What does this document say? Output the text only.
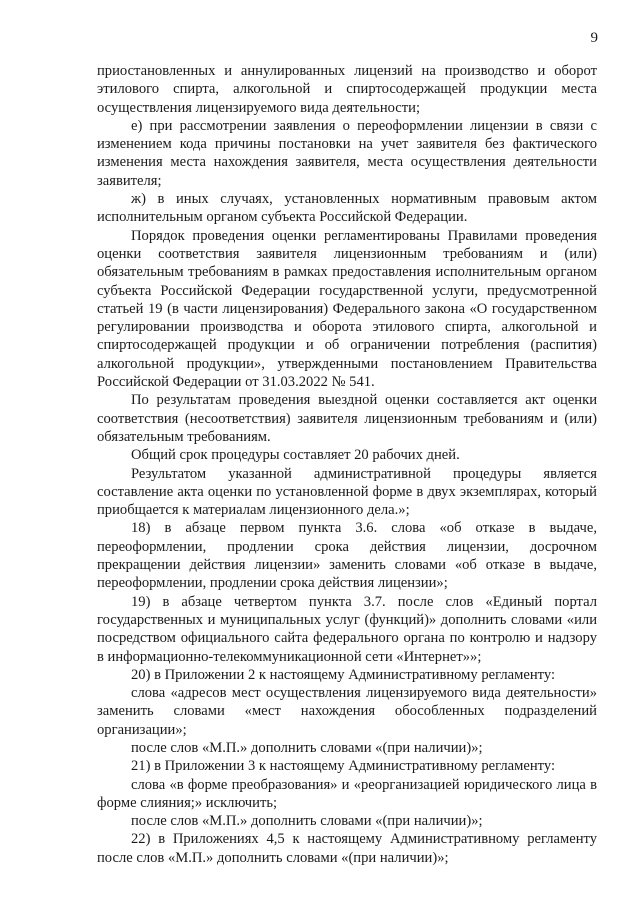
9

приостановленных и аннулированных лицензий на производство и оборот этилового спирта, алкогольной и спиртосодержащей продукции места осуществления лицензируемого вида деятельности;

е) при рассмотрении заявления о переоформлении лицензии в связи с изменением кода причины постановки на учет заявителя без фактического изменения места нахождения заявителя, места осуществления деятельности заявителя;

ж) в иных случаях, установленных нормативным правовым актом исполнительным органом субъекта Российской Федерации.

Порядок проведения оценки регламентированы Правилами проведения оценки соответствия заявителя лицензионным требованиям и (или) обязательным требованиям в рамках предоставления исполнительным органом субъекта Российской Федерации государственной услуги, предусмотренной статьей 19 (в части лицензирования) Федерального закона «О государственном регулировании производства и оборота этилового спирта, алкогольной и спиртосодержащей продукции и об ограничении потребления (распития) алкогольной продукции», утвержденными постановлением Правительства Российской Федерации от 31.03.2022 № 541.

По результатам проведения выездной оценки составляется акт оценки соответствия (несоответствия) заявителя лицензионным требованиям и (или) обязательным требованиям.

Общий срок процедуры составляет 20 рабочих дней.

Результатом указанной административной процедуры является составление акта оценки по установленной форме в двух экземплярах, который приобщается к материалам лицензионного дела.»;

18) в абзаце первом пункта 3.6. слова «об отказе в выдаче, переоформлении, продлении срока действия лицензии, досрочном прекращении действия лицензии» заменить словами «об отказе в выдаче, переоформлении, продлении срока действия лицензии»;

19) в абзаце четвертом пункта 3.7. после слов «Единый портал государственных и муниципальных услуг (функций)» дополнить словами «или посредством официального сайта федерального органа по контролю и надзору в информационно-телекоммуникационной сети «Интернет»»;

20) в Приложении 2 к настоящему Административному регламенту:

слова «адресов мест осуществления лицензируемого вида деятельности» заменить словами «мест нахождения обособленных подразделений организации»;

после слов «М.П.» дополнить словами «(при наличии)»;

21) в Приложении 3 к настоящему Административному регламенту:

слова «в форме преобразования» и «реорганизацией юридического лица в форме слияния;» исключить;

после слов «М.П.» дополнить словами «(при наличии)»;

22) в Приложениях 4,5 к настоящему Административному регламенту после слов «М.П.» дополнить словами «(при наличии)»;
